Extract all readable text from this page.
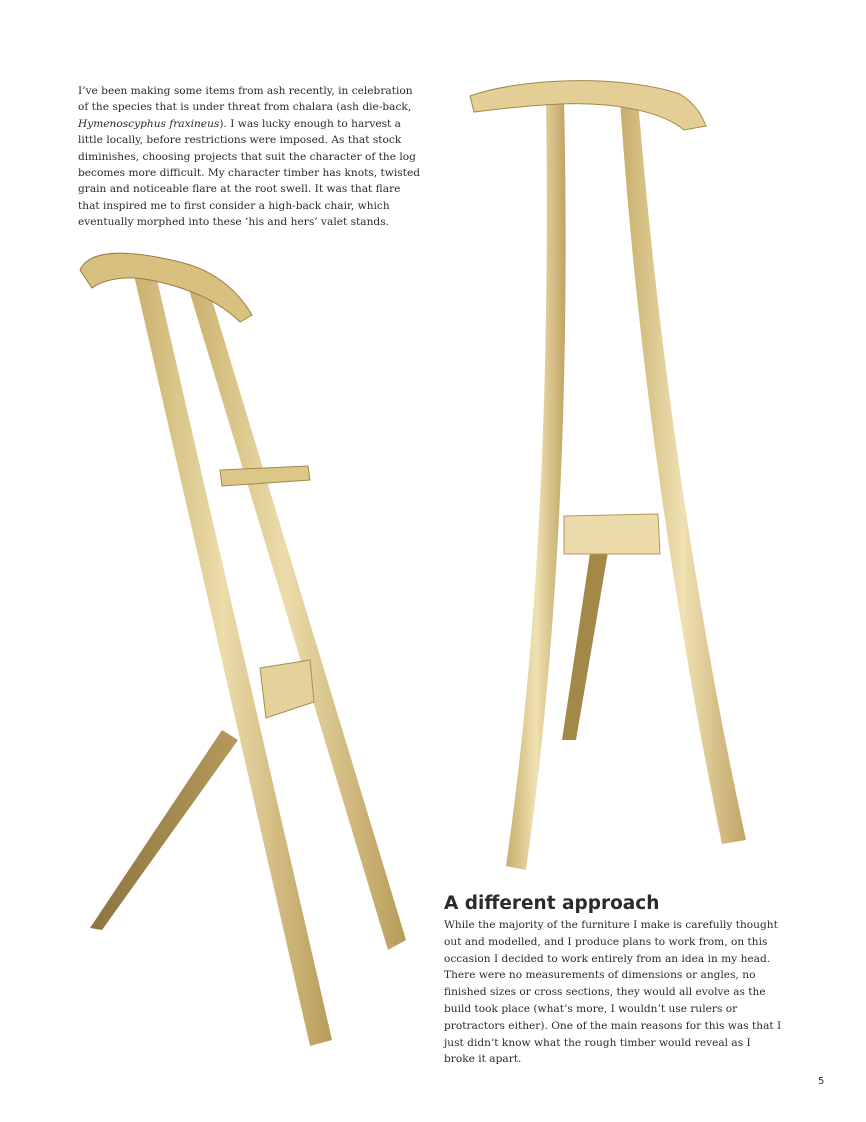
I’ve been making some items from ash recently, in celebration of the species that is under threat from chalara (ash die-back, Hymenoscyphus fraxineus). I was lucky enough to harvest a little locally, before restrictions were imposed. As that stock diminishes, choosing projects that suit the character of the log becomes more difficult. My character timber has knots, twisted grain and noticeable flare at the root swell. It was that flare that inspired me to first consider a high-back chair, which eventually morphed into these ‘his and hers’ valet stands.
A different approach
While the majority of the furniture I make is carefully thought out and modelled, and I produce plans to work from, on this occasion I decided to work entirely from an idea in my head. There were no measurements of dimensions or angles, no finished sizes or cross sections, they would all evolve as the build took place (what’s more, I wouldn’t use rulers or protractors either). One of the main reasons for this was that I just didn’t know what the rough timber would reveal as I broke it apart.
5
